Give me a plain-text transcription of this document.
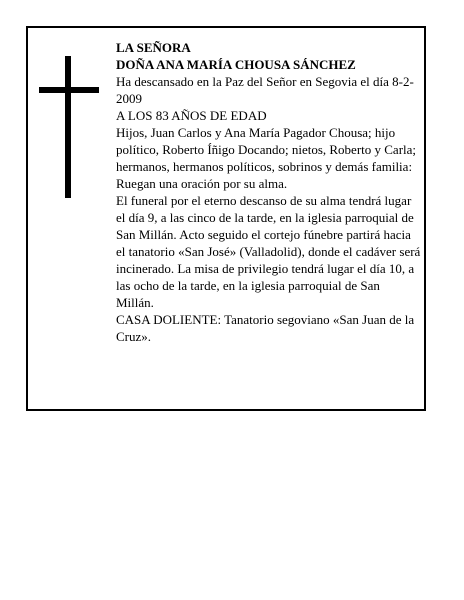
LA SEÑORA

DOÑA ANA MARÍA CHOUSA SÁNCHEZ

Ha descansado en la Paz del Señor en Segovia el día 8-2-2009

A LOS 83 AÑOS DE EDAD

Hijos, Juan Carlos y Ana María Pagador Chousa; hijo político, Roberto Íñigo Docando; nietos, Roberto y Carla; hermanos, hermanos políticos, sobrinos y demás familia:

Ruegan una oración por su alma.

El funeral por el eterno descanso de su alma tendrá lugar el día 9, a las cinco de la tarde, en la iglesia parroquial de San Millán. Acto seguido el cortejo fúnebre partirá hacia el tanatorio «San José» (Valladolid), donde el cadáver será incinerado. La misa de privilegio tendrá lugar el día 10, a las ocho de la tarde, en la iglesia parroquial de San Millán.

CASA DOLIENTE: Tanatorio segoviano «San Juan de la Cruz».
